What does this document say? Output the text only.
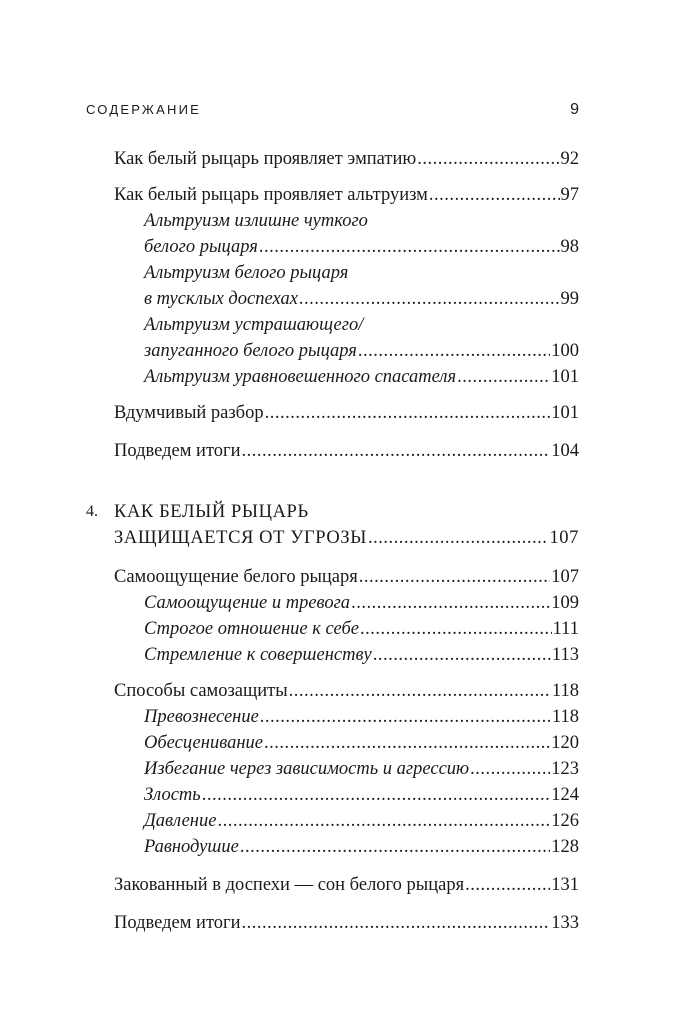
СОДЕРЖАНИЕ	9
Как белый рыцарь проявляет эмпатию .....	92
Как белый рыцарь проявляет альтруизм .....	97
Альтруизм излишне чуткого
белого рыцаря .....	98
Альтруизм белого рыцаря
в тусклых доспехах .....	99
Альтруизм устрашающего/
запуганного белого рыцаря .....	100
Альтруизм уравновешенного спасателя .....	101
Вдумчивый разбор .....	101
Подведем итоги .....	104
4. КАК БЕЛЫЙ РЫЦАРЬ
ЗАЩИЩАЕТСЯ ОТ УГРОЗЫ .....	107
Самоощущение белого рыцаря .....	107
Самоощущение и тревога .....	109
Строгое отношение к себе .....	111
Стремление к совершенству .....	113
Способы самозащиты .....	118
Превознесение .....	118
Обесценивание .....	120
Избегание через зависимость и агрессию .....	123
Злость .....	124
Давление .....	126
Равнодушие .....	128
Закованный в доспехи — сон белого рыцаря .....	131
Подведем итоги .....	133
